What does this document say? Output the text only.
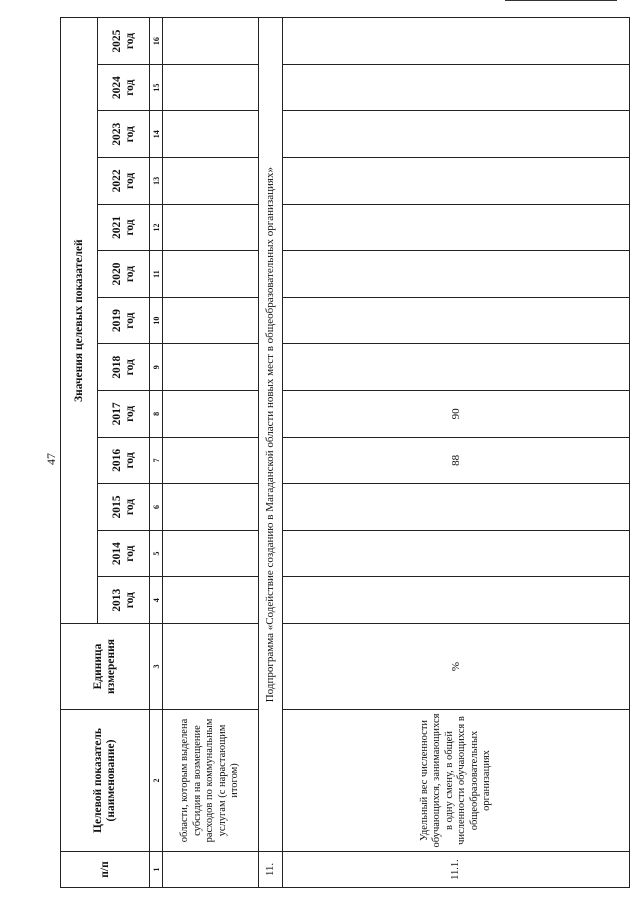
47
п/п	Целевой показатель (наименование)	Единица измерения	Значения целевых показателей												
			2013 год	2014 год	2015 год	2016 год	2017 год	2018 год	2019 год	2020 год	2021 год	2022 год	2023 год	2024 год	2025 год
1	2	3	4	5	6	7	8	9	10	11	12	13	14	15	16
	области, которым выделена субсидия на возмещение расходов по коммунальным услугам (с нарастающим итогом)														
11.	Подпрограмма «Содействие созданию в Магаданской области новых мест в общеобразовательных организациях»														
11.1.	Удельный вес численности обучающихся, занимающихся в одну смену, в общей численности обучающихся в общеобразовательных организациях	%				88	90								
